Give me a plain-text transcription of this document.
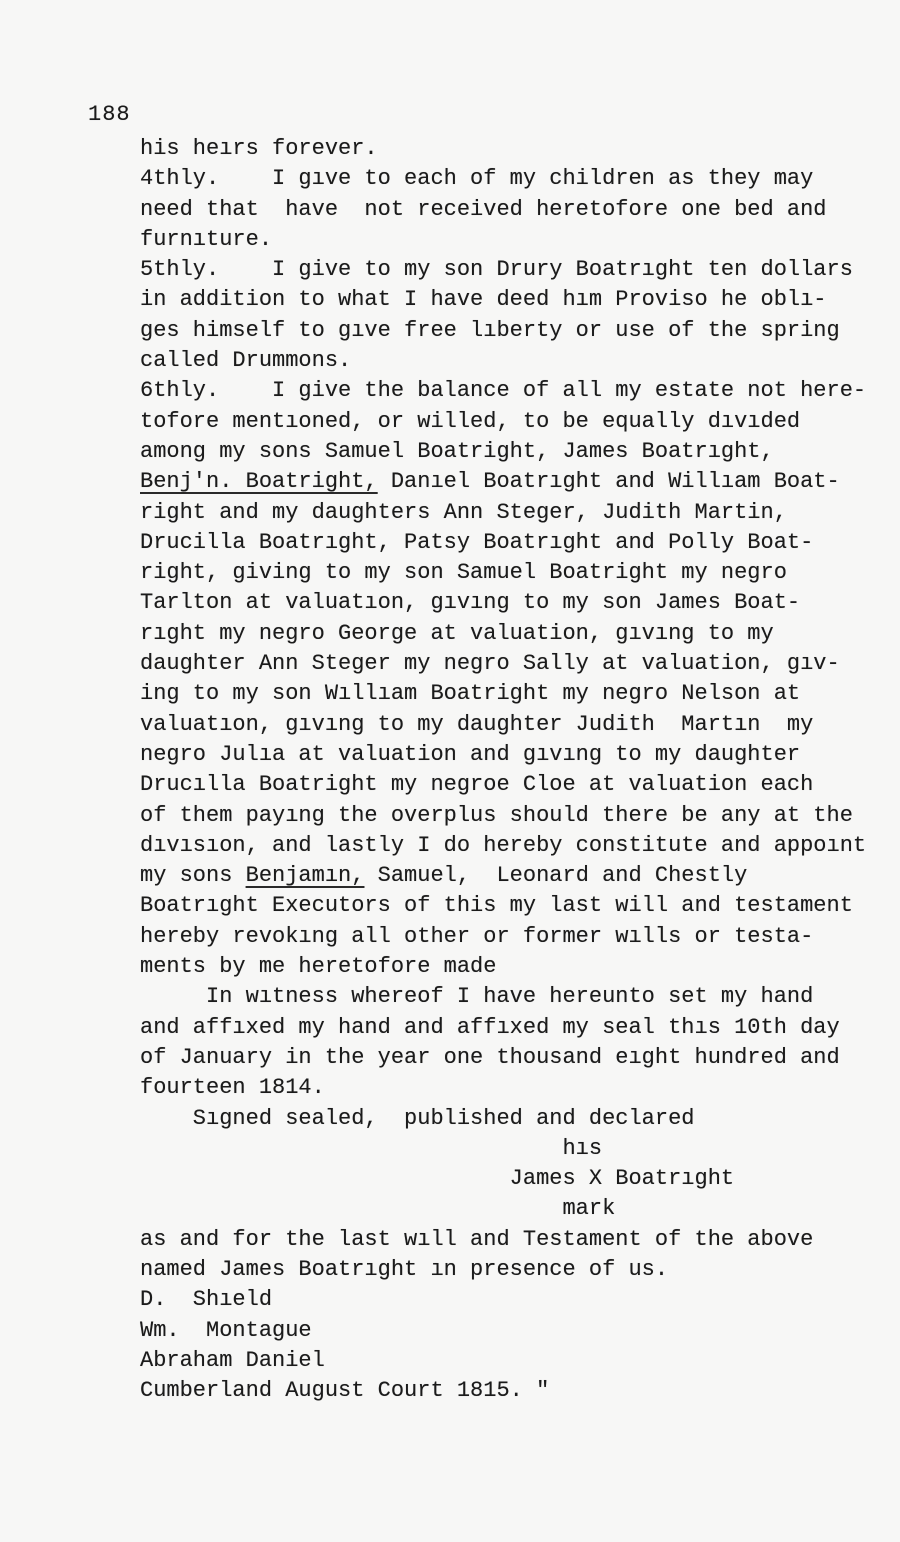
188
his heırs forever.
4thly.    I gıve to each of my children as they may
need that  have  not received heretofore one bed and
furnıture.
5thly.    I give to my son Drury Boatrıght ten dollars
in addition to what I have deed hım Proviso he oblı-
ges himself to gıve free lıberty or use of the spring
called Drummons.
6thly.    I give the balance of all my estate not here-
tofore mentıoned, or willed, to be equally dıvıded
among my sons Samuel Boatright, James Boatrıght,
Benj'n. Boatright, Danıel Boatrıght and Willıam Boat-
right and my daughters Ann Steger, Judith Martin,
Drucilla Boatrıght, Patsy Boatrıght and Polly Boat-
right, giving to my son Samuel Boatright my negro
Tarlton at valuatıon, gıvıng to my son James Boat-
rıght my negro George at valuation, gıvıng to my
daughter Ann Steger my negro Sally at valuation, gıv-
ing to my son Wıllıam Boatright my negro Nelson at
valuatıon, gıvıng to my daughter Judith  Martın  my
negro Julıa at valuation and gıvıng to my daughter
Drucılla Boatright my negroe Cloe at valuation each
of them payıng the overplus should there be any at the
dıvısıon, and lastly I do hereby constitute and appoınt
my sons Benjamın, Samuel,  Leonard and Chestly
Boatrıght Executors of this my last will and testament
hereby revokıng all other or former wılls or testa-
ments by me heretofore made
In wıtness whereof I have hereunto set my hand
and affıxed my hand and affıxed my seal thıs 10th day
of January in the year one thousand eıght hundred and
fourteen 1814.
Sıgned sealed,  published and declared
hıs
James X Boatrıght
mark
as and for the last wıll and Testament of the above
named James Boatrıght ın presence of us.
D.  Shıeld
Wm.  Montague
Abraham Daniel
Cumberland August Court 1815. "
